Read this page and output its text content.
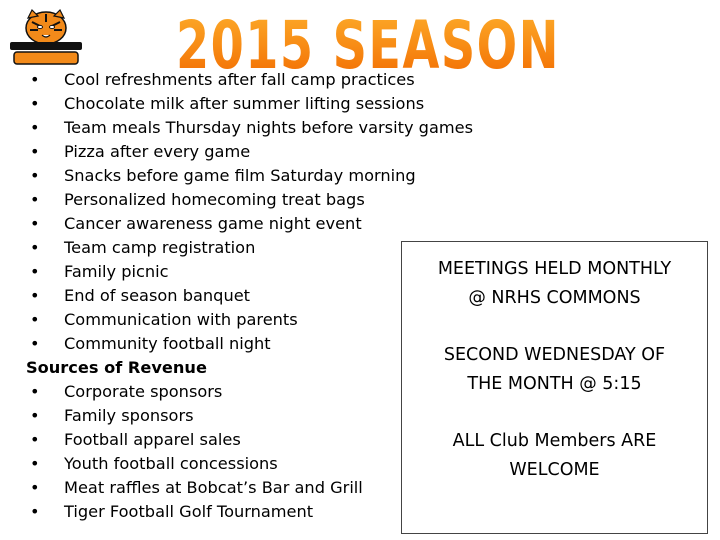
2015 SEASON
•	Cool refreshments after fall camp practices
•	Chocolate milk after summer lifting sessions
•	Team meals Thursday nights before varsity games
•	Pizza after every game
•	Snacks before game film Saturday morning
•	Personalized homecoming treat bags
•	Cancer awareness game night event
•	Team camp registration
•	Family picnic
•	End of season banquet
•	Communication with parents
•	Community football night
Sources of Revenue
•	Corporate sponsors
•	Family sponsors
•	Football apparel sales
•	Youth football concessions
•	Meat raffles at Bobcat’s Bar and Grill
•	Tiger Football Golf Tournament

MEETINGS HELD MONTHLY
@ NRHS COMMONS

SECOND WEDNESDAY OF
THE MONTH @ 5:15

ALL Club Members ARE
WELCOME
